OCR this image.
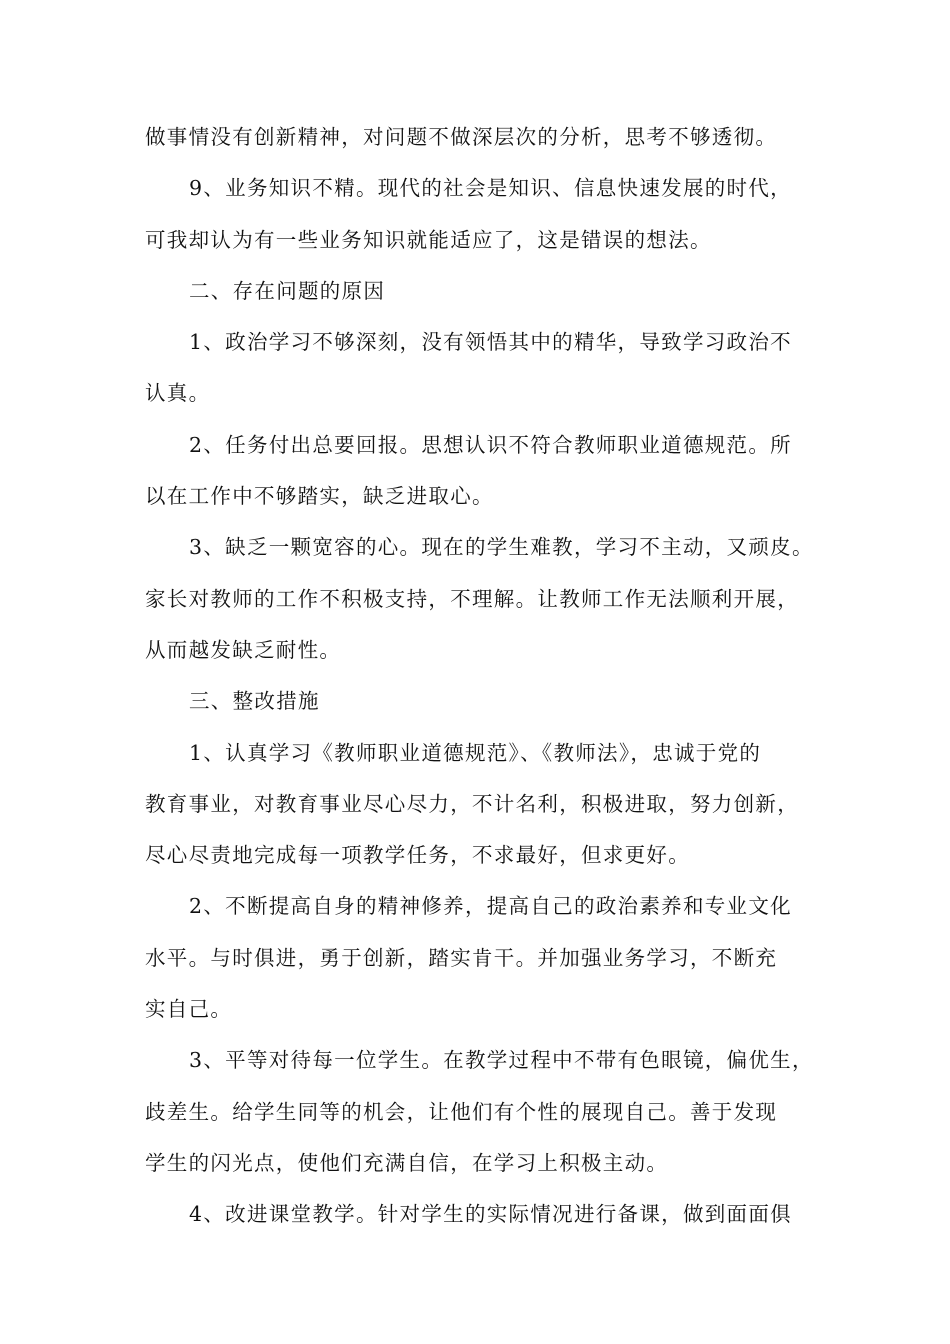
做事情没有创新精神，对问题不做深层次的分析，思考不够透彻。
9、业务知识不精。现代的社会是知识、信息快速发展的时代，
可我却认为有一些业务知识就能适应了，这是错误的想法。
二、存在问题的原因
1、政治学习不够深刻，没有领悟其中的精华，导致学习政治不
认真。
2、任务付出总要回报。思想认识不符合教师职业道德规范。所
以在工作中不够踏实，缺乏进取心。
3、缺乏一颗宽容的心。现在的学生难教，学习不主动，又顽皮。
家长对教师的工作不积极支持，不理解。让教师工作无法顺利开展，
从而越发缺乏耐性。
三、整改措施
1、认真学习《教师职业道德规范》、《教师法》，忠诚于党的
教育事业，对教育事业尽心尽力，不计名利，积极进取，努力创新，
尽心尽责地完成每一项教学任务，不求最好，但求更好。
2、不断提高自身的精神修养，提高自己的政治素养和专业文化
水平。与时俱进，勇于创新，踏实肯干。并加强业务学习，不断充
实自己。
3、平等对待每一位学生。在教学过程中不带有色眼镜，偏优生，
歧差生。给学生同等的机会，让他们有个性的展现自己。善于发现
学生的闪光点，使他们充满自信，在学习上积极主动。
4、改进课堂教学。针对学生的实际情况进行备课，做到面面俱
